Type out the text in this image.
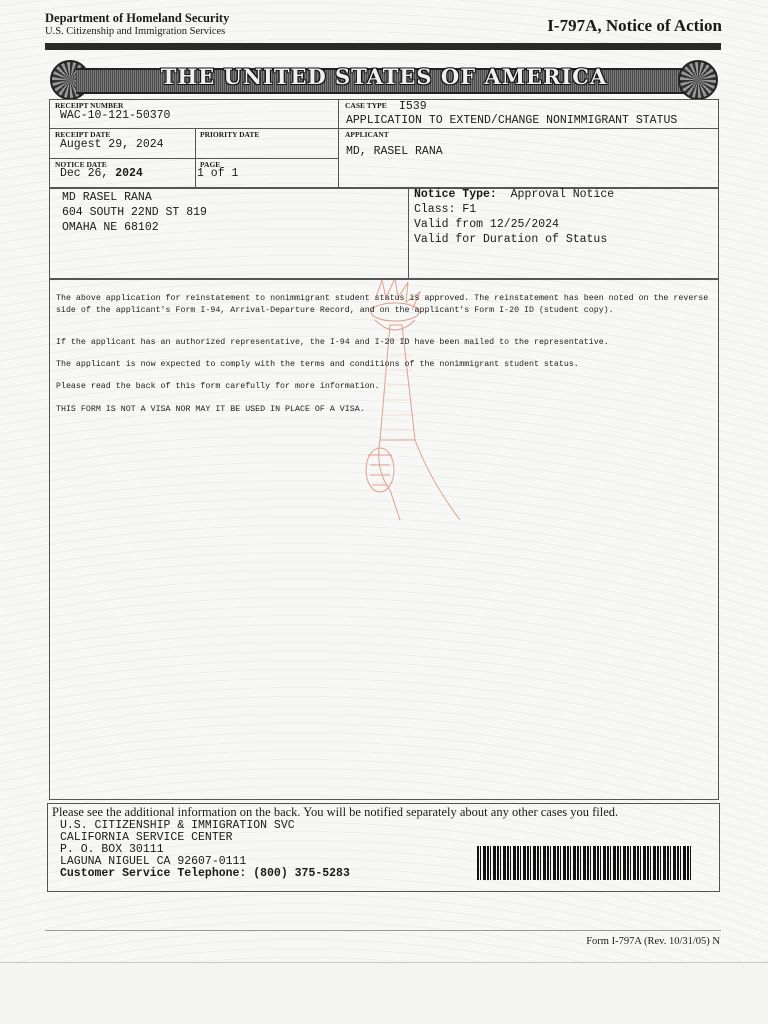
Department of Homeland Security
U.S. Citizenship and Immigration Services	I-797A, Notice of Action
THE UNITED STATES OF AMERICA
RECEIPT NUMBER
WAC-10-121-50370
CASE TYPE I539
APPLICATION TO EXTEND/CHANGE NONIMMIGRANT STATUS
RECEIPT DATE
Augest 29, 2024
PRIORITY DATE	APPLICANT
MD, RASEL RANA
NOTICE DATE
Dec 26, 2024
PAGE
1 of 1
MD RASEL RANA
604 SOUTH 22ND ST 819
OMAHA NE 68102
Notice Type: Approval Notice
Class: F1
Valid from 12/25/2024
Valid for Duration of Status
The above application for reinstatement to nonimmigrant student status is approved. The reinstatement has been noted on the reverse side of the applicant's Form I-94, Arrival-Departure Record, and on the applicant's Form I-20 ID (student copy).
If the applicant has an authorized representative, the I-94 and I-20 ID have been mailed to the representative.
The applicant is now expected to comply with the terms and conditions of the nonimmigrant student status.
Please read the back of this form carefully for more information.
THIS FORM IS NOT A VISA NOR MAY IT BE USED IN PLACE OF A VISA.
Please see the additional information on the back. You will be notified separately about any other cases you filed.
U.S. CITIZENSHIP & IMMIGRATION SVC
CALIFORNIA SERVICE CENTER
P. O. BOX 30111
LAGUNA NIGUEL CA 92607-0111
Customer Service Telephone: (800) 375-5283
Form I-797A (Rev. 10/31/05) N
